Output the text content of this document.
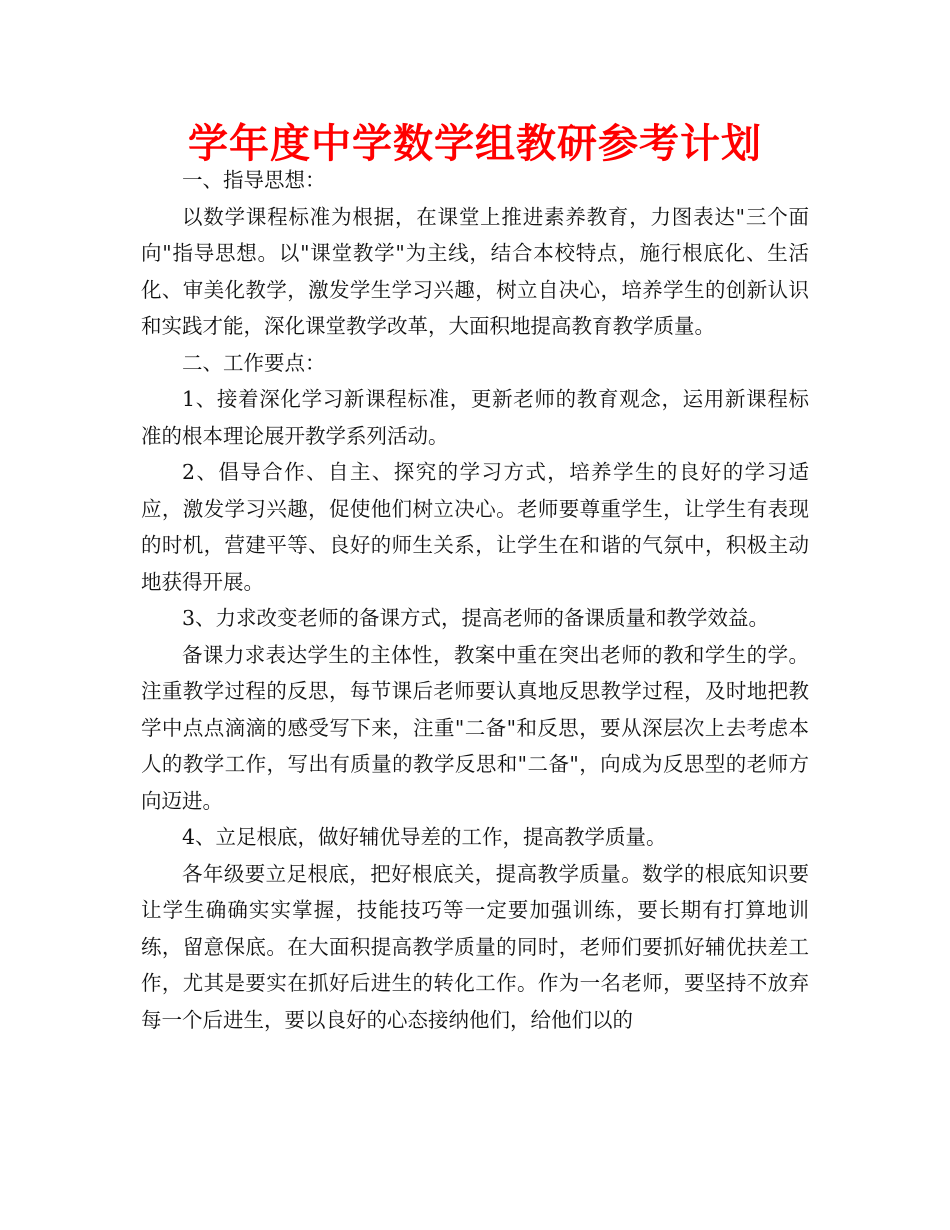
学年度中学数学组教研参考计划

一、指导思想：

以数学课程标准为根据，在课堂上推进素养教育，力图表达"三个面向"指导思想。以"课堂教学"为主线，结合本校特点，施行根底化、生活化、审美化教学，激发学生学习兴趣，树立自决心，培养学生的创新认识和实践才能，深化课堂教学改革，大面积地提高教育教学质量。

二、工作要点：

1、接着深化学习新课程标准，更新老师的教育观念，运用新课程标准的根本理论展开教学系列活动。

2、倡导合作、自主、探究的学习方式，培养学生的良好的学习适应，激发学习兴趣，促使他们树立决心。老师要尊重学生，让学生有表现的时机，营建平等、良好的师生关系，让学生在和谐的气氛中，积极主动地获得开展。

3、力求改变老师的备课方式，提高老师的备课质量和教学效益。

备课力求表达学生的主体性，教案中重在突出老师的教和学生的学。注重教学过程的反思，每节课后老师要认真地反思教学过程，及时地把教学中点点滴滴的感受写下来，注重"二备"和反思，要从深层次上去考虑本人的教学工作，写出有质量的教学反思和"二备"，向成为反思型的老师方向迈进。

4、立足根底，做好辅优导差的工作，提高教学质量。

各年级要立足根底，把好根底关，提高教学质量。数学的根底知识要让学生确确实实掌握，技能技巧等一定要加强训练，要长期有打算地训练，留意保底。在大面积提高教学质量的同时，老师们要抓好辅优扶差工作，尤其是要实在抓好后进生的转化工作。作为一名老师，要坚持不放弃每一个后进生，要以良好的心态接纳他们，给他们以的
